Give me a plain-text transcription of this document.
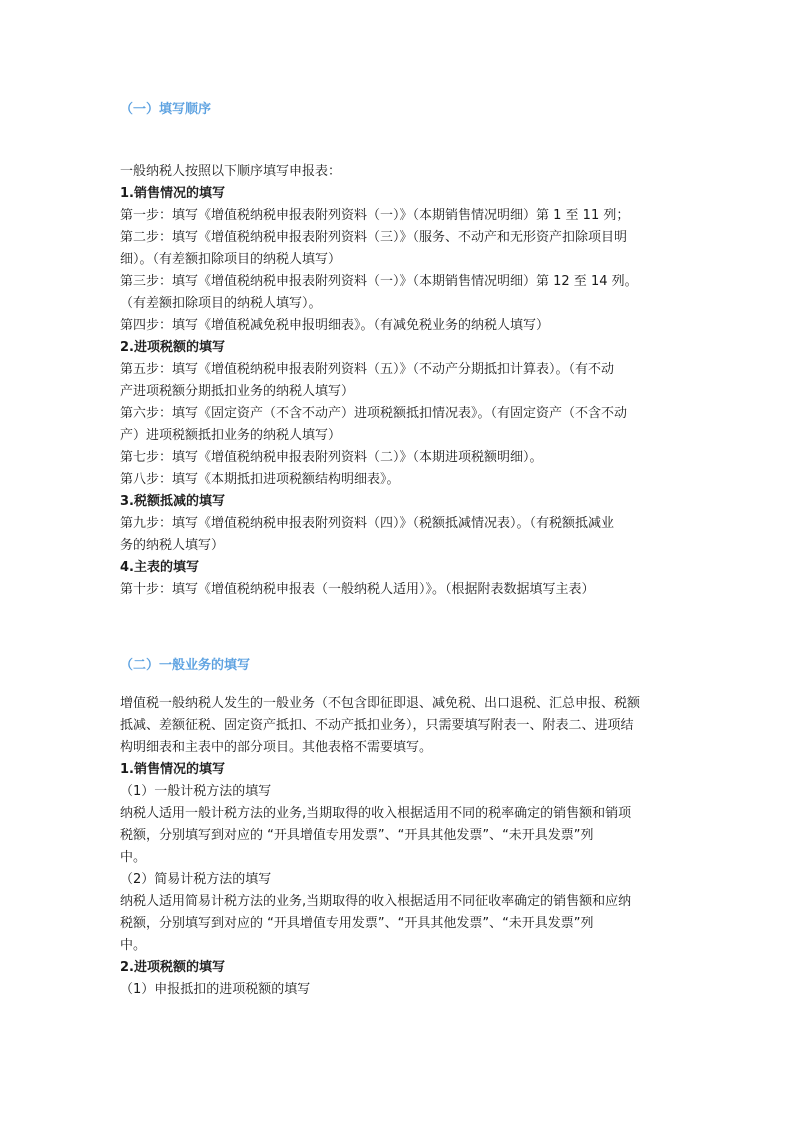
（一）填写顺序
一般纳税人按照以下顺序填写申报表：
1.销售情况的填写
第一步：填写《增值税纳税申报表附列资料（一）》（本期销售情况明细）第 1 至 11 列；
第二步：填写《增值税纳税申报表附列资料（三）》（服务、不动产和无形资产扣除项目明
细）。（有差额扣除项目的纳税人填写）
第三步：填写《增值税纳税申报表附列资料（一）》（本期销售情况明细）第 12 至 14 列。
（有差额扣除项目的纳税人填写）。
第四步：填写《增值税减免税申报明细表》。（有减免税业务的纳税人填写）
2.进项税额的填写
第五步：填写《增值税纳税申报表附列资料（五）》（不动产分期抵扣计算表）。（有不动
产进项税额分期抵扣业务的纳税人填写）
第六步：填写《固定资产（不含不动产）进项税额抵扣情况表》。（有固定资产（不含不动
产）进项税额抵扣业务的纳税人填写）
第七步：填写《增值税纳税申报表附列资料（二）》（本期进项税额明细）。
第八步：填写《本期抵扣进项税额结构明细表》。
3.税额抵减的填写
第九步：填写《增值税纳税申报表附列资料（四）》（税额抵减情况表）。（有税额抵减业
务的纳税人填写）
4.主表的填写
第十步：填写《增值税纳税申报表（一般纳税人适用）》。（根据附表数据填写主表）
（二）一般业务的填写
增值税一般纳税人发生的一般业务（不包含即征即退、减免税、出口退税、汇总申报、税额
抵减、差额征税、固定资产抵扣、不动产抵扣业务），只需要填写附表一、附表二、进项结
构明细表和主表中的部分项目。其他表格不需要填写。
1.销售情况的填写
（1）一般计税方法的填写
纳税人适用一般计税方法的业务,当期取得的收入根据适用不同的税率确定的销售额和销项
税额，分别填写到对应的 “开具增值专用发票”、“开具其他发票”、“未开具发票”列
中。
（2）简易计税方法的填写
纳税人适用简易计税方法的业务,当期取得的收入根据适用不同征收率确定的销售额和应纳
税额，分别填写到对应的 “开具增值专用发票”、“开具其他发票”、“未开具发票”列
中。
2.进项税额的填写
（1）申报抵扣的进项税额的填写
